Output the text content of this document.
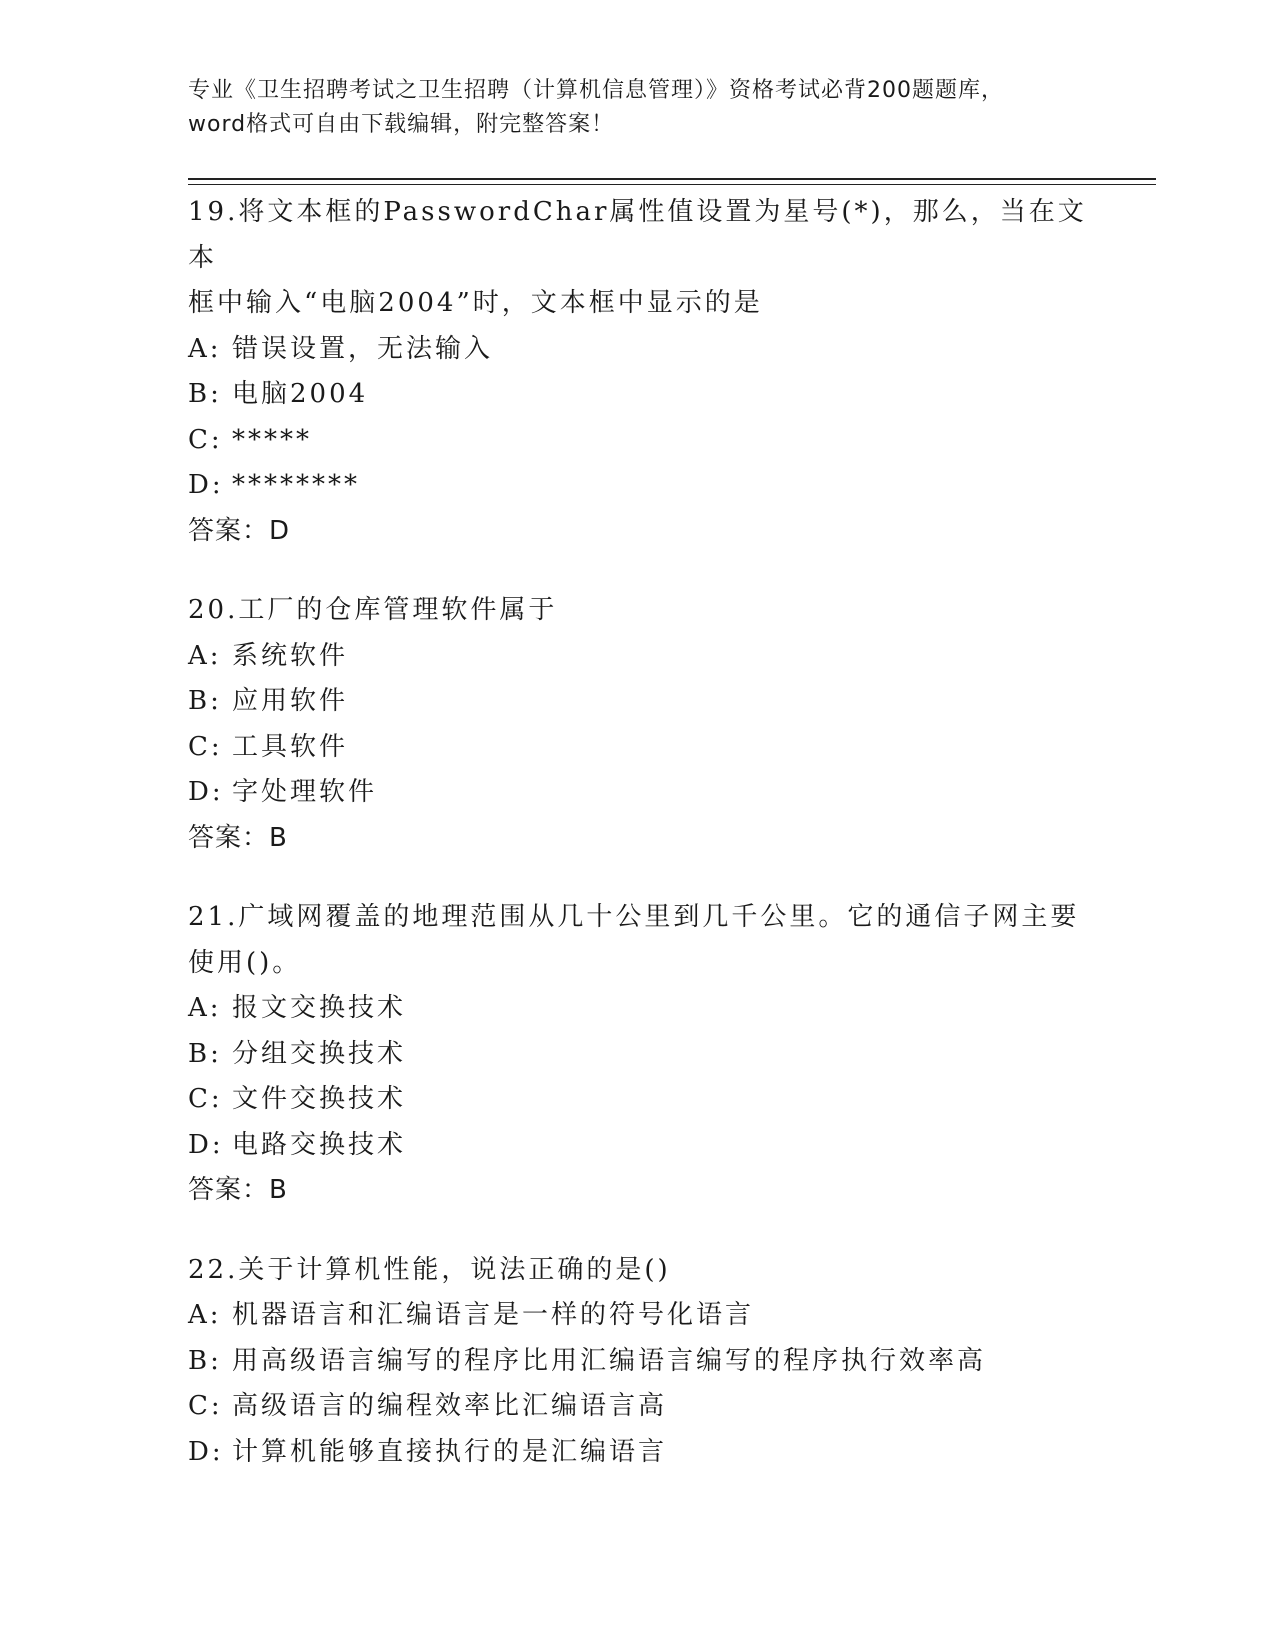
专业《卫生招聘考试之卫生招聘（计算机信息管理）》资格考试必背200题题库，
word格式可自由下载编辑，附完整答案！
19.将文本框的PasswordChar属性值设置为星号(*)，那么，当在文本
框中输入“电脑2004”时，文本框中显示的是
A: 错误设置，无法输入
B: 电脑2004
C: *****
D: ********
答案：D
20.工厂的仓库管理软件属于
A: 系统软件
B: 应用软件
C: 工具软件
D: 字处理软件
答案：B
21.广域网覆盖的地理范围从几十公里到几千公里。它的通信子网主要
使用()。
A: 报文交换技术
B: 分组交换技术
C: 文件交换技术
D: 电路交换技术
答案：B
22.关于计算机性能，说法正确的是()
A: 机器语言和汇编语言是一样的符号化语言
B: 用高级语言编写的程序比用汇编语言编写的程序执行效率高
C: 高级语言的编程效率比汇编语言高
D: 计算机能够直接执行的是汇编语言
